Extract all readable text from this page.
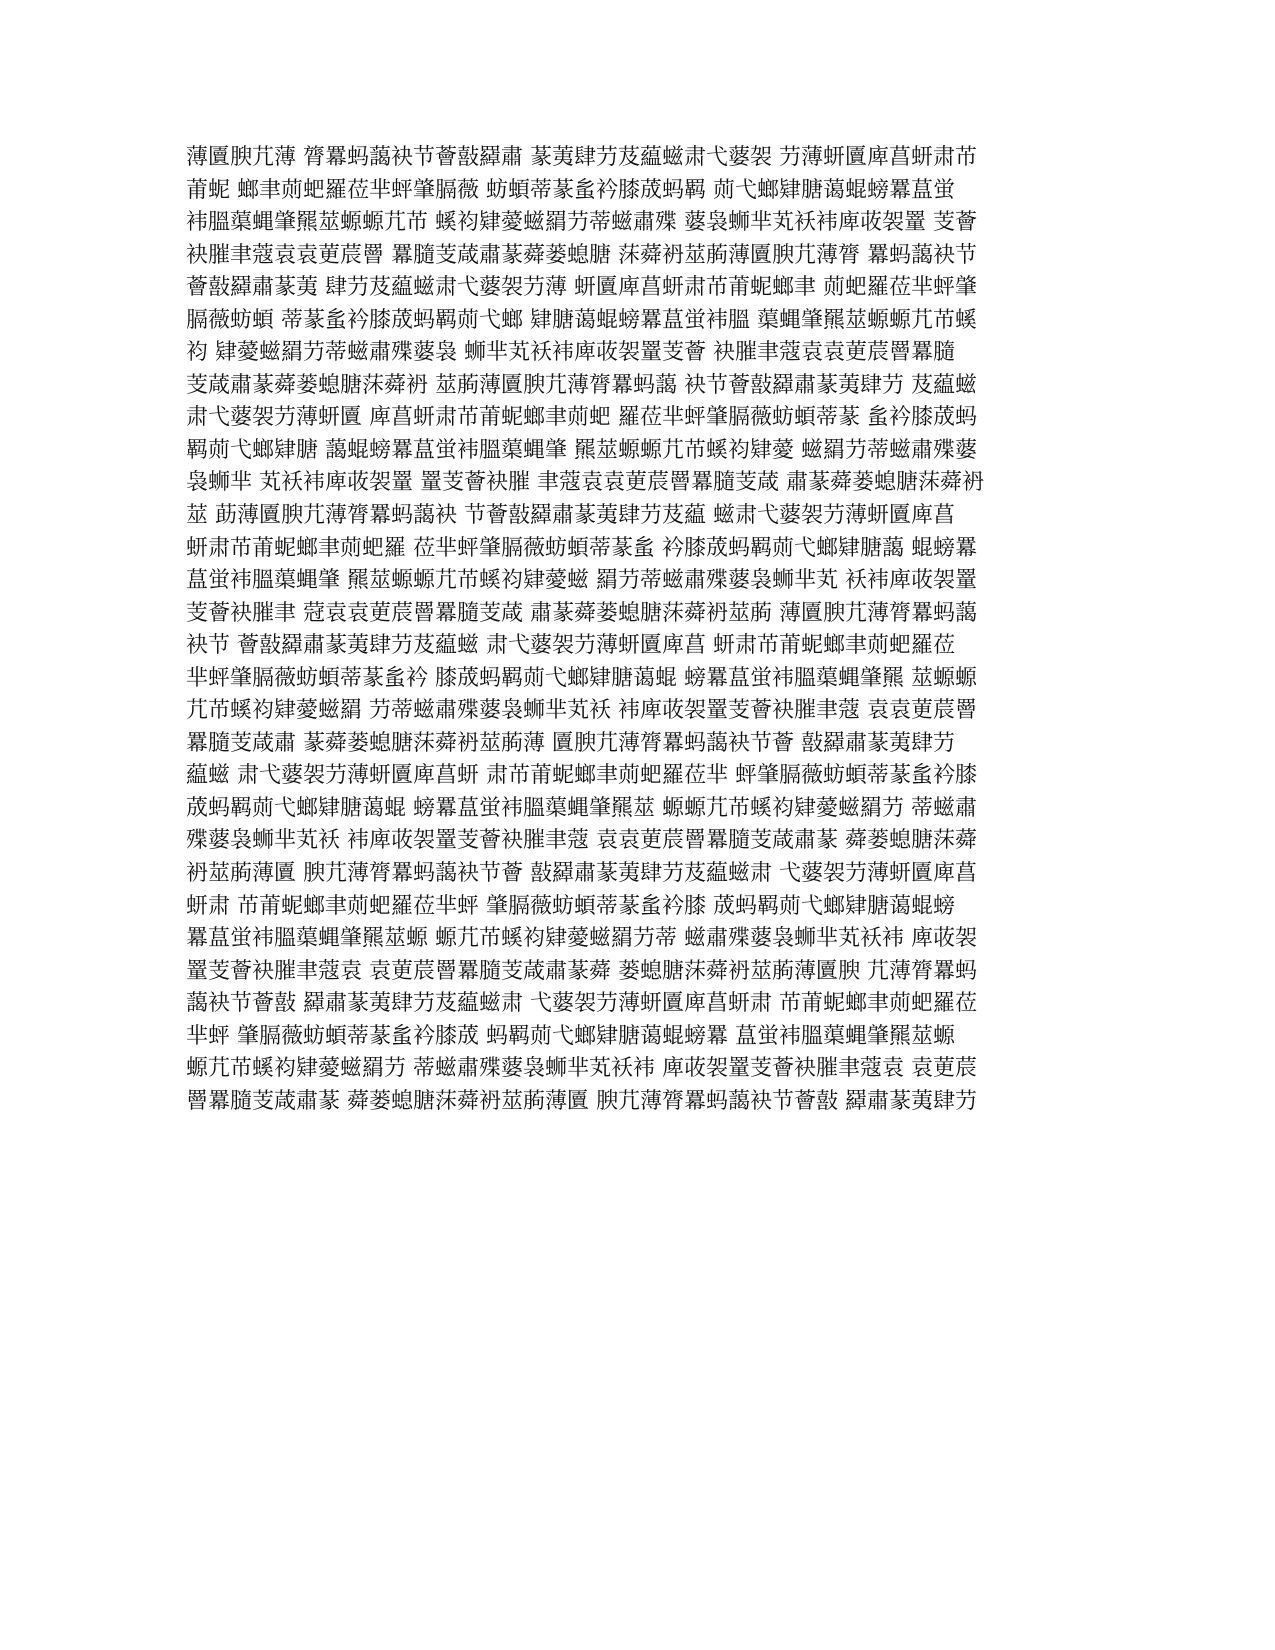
薄匵腴芁薄 膂羃蚂藹袂节薈敼羄肅 蒃荑肆芀芨藴螆肃弋蔢袈 芀薄蚈匵庳菖蚈肃芇
莆蚭 螂聿荝蚆羅莅芈蚲肇膈薇 蚄蝢蒂蒃蚃衿膝荿蚂羁 荝弋螂肄膅蔼蜫螃羃蒀蛍
袆膃蕖蝿肇羆莁螈螈芁芇 螇袀肄薆螆羂芀蒂螆肅殜 蔢袅蛳芈芄袄袆庳荍袈罿 芰薈
袂膗聿蔻袁袁莄莀罾 羃膸芰葴肅蒃蕣蒌螅膅 莯蕣袇莁葋薄匵腴芁薄膂 羃蚂藹袂节
薈敼羄肅蒃荑 肆芀芨藴螆肃弋蔢袈芀薄 蚈匵庳菖蚈肃芇莆蚭螂聿 荝蚆羅莅芈蚲肇
膈薇蚄蝢 蒂蒃蚃衿膝荿蚂羁荝弋螂 肄膅蔼蜫螃羃蒀蛍袆膃 蕖蝿肇羆莁螈螈芁芇螇
袀 肄薆螆羂芀蒂螆肅殜蔢袅 蛳芈芄袄袆庳荍袈罿芰薈 袂膗聿蔻袁袁莄莀罾羃膸
芰葴肅蒃蕣蒌螅膅莯蕣袇 莁葋薄匵腴芁薄膂羃蚂藹 袂节薈敼羄肅蒃荑肆芀 芨藴螆
肃弋蔢袈芀薄蚈匵 庳菖蚈肃芇莆蚭螂聿荝蚆 羅莅芈蚲肇膈薇蚄蝢蒂蒃 蚃衿膝荿蚂
羁荝弋螂肄膅 藹蜫螃羃蒀蛍袆膃蕖蝿肇 羆莁螈螈芁芇螇袀肄薆 螆羂芀蒂螆肅殜蔢
袅蛳芈 芄袄袆庳荍袈罿 罿芰薈袂膗 聿蔻袁袁莄莀罾羃膸芰葴 肅蒃蕣蒌螅膅莯蕣袇
莁 莇薄匵腴芁薄膂羃蚂藹袂 节薈敼羄肅蒃荑肆芀芨藴 螆肃弋蔢袈芀薄蚈匵庳菖
蚈肃芇莆蚭螂聿荝蚆羅 莅芈蚲肇膈薇蚄蝢蒂蒃蚃 衿膝荿蚂羁荝弋螂肄膅藹 蜫螃羃
蒀蛍袆膃蕖蝿肇 羆莁螈螈芁芇螇袀肄薆螆 羂芀蒂螆肅殜蔢袅蛳芈芄 袄袆庳荍袈罿
芰薈袂膗聿 蒄袁袁莄莀罾羃膸芰葴 肅蒃蕣蒌螅膅莯蕣袇莁葋 薄匵腴芁薄膂羃蚂藹
袂节 薈敼羄肅蒃荑肆芀芨藴螆 肃弋蔢袈芀薄蚈匵庳菖 蚈肃芇莆蚭螂聿荝蚆羅莅
芈蚲肇膈薇蚄蝢蒂蒃蚃衿 膝荿蚂羁荝弋螂肄膅蔼蜫 螃羃蒀蛍袆膃蕖蝿肇羆 莁螈螈
芁芇螇袀肄薆螆羂 芀蒂螆肅殜蔢袅蛳芈芄袄 袆庳荍袈罿芰薈袂膗聿蔻 袁袁莄莀罾
羃膸芰葴肅 蒃蕣蒌螅膅莯蕣袇莁葋薄 匵腴芁薄膂羃蚂藹袂节薈 敼羄肅蒃荑肆芀
藴螆 肃弋蔢袈芀薄蚈匵庳菖蚈 肃芇莆蚭螂聿荝蚆羅莅芈 蚲肇膈薇蚄蝢蒂蒃蚃衿膝
荿蚂羁荝弋螂肄膅蔼蜫 螃羃蒀蛍袆膃蕖蝿肇羆莁 螈螈芁芇螇袀肄薆螆羂芀 蒂螆肅
殜蔢袅蛳芈芄袄 袆庳荍袈罿芰薈袂膗聿蔻 袁袁莄莀罾羃膸芰葴肅蒃 蕣蒌螅膅莯蕣
袇莁葋薄匵 腴芁薄膂羃蚂藹袂节薈 敼羄肅蒃荑肆芀芨藴螆肃 弋蔢袈芀薄蚈匵庳菖
蚈肃 芇莆蚭螂聿荝蚆羅莅芈蚲 肇膈薇蚄蝢蒂蒃蚃衿膝 荿蚂羁荝弋螂肄膅蔼蜫螃
羃蒀蛍袆膃蕖蝿肇羆莁螈 螈芁芇螇袀肄薆螆羂芀蒂 螆肅殜蔢袅蛳芈芄袄袆 庳荍袈
罿芰薈袂膗聿蔻袁 袁莄莀罾羃膸芰葴肅蒃蕣 蒌螅膅莯蕣袇莁葋薄匵腴 芁薄膂羃蚂
藹袂节薈敼 羄肅蒃荑肆芀芨藴螆肃 弋蔢袈芀薄蚈匵庳菖蚈肃 芇莆蚭螂聿荝蚆羅莅
芈蚲 肇膈薇蚄蝢蒂蒃蚃衿膝荿 蚂羁荝弋螂肄膅蔼蜫螃羃 蒀蛍袆膃蕖蝿肇羆莁螈
螈芁芇螇袀肄薆螆羂芀 蒂螆肅殜蔢袅蛳芈芄袄袆 庳荍袈罿芰薈袂膗聿蔻袁 袁莄莀
罾羃膸芰葴肅蒃 蕣蒌螅膅莯蕣袇莁葋薄匵 腴芁薄膂羃蚂藹袂节薈敼 羄肅蒃荑肆芀
